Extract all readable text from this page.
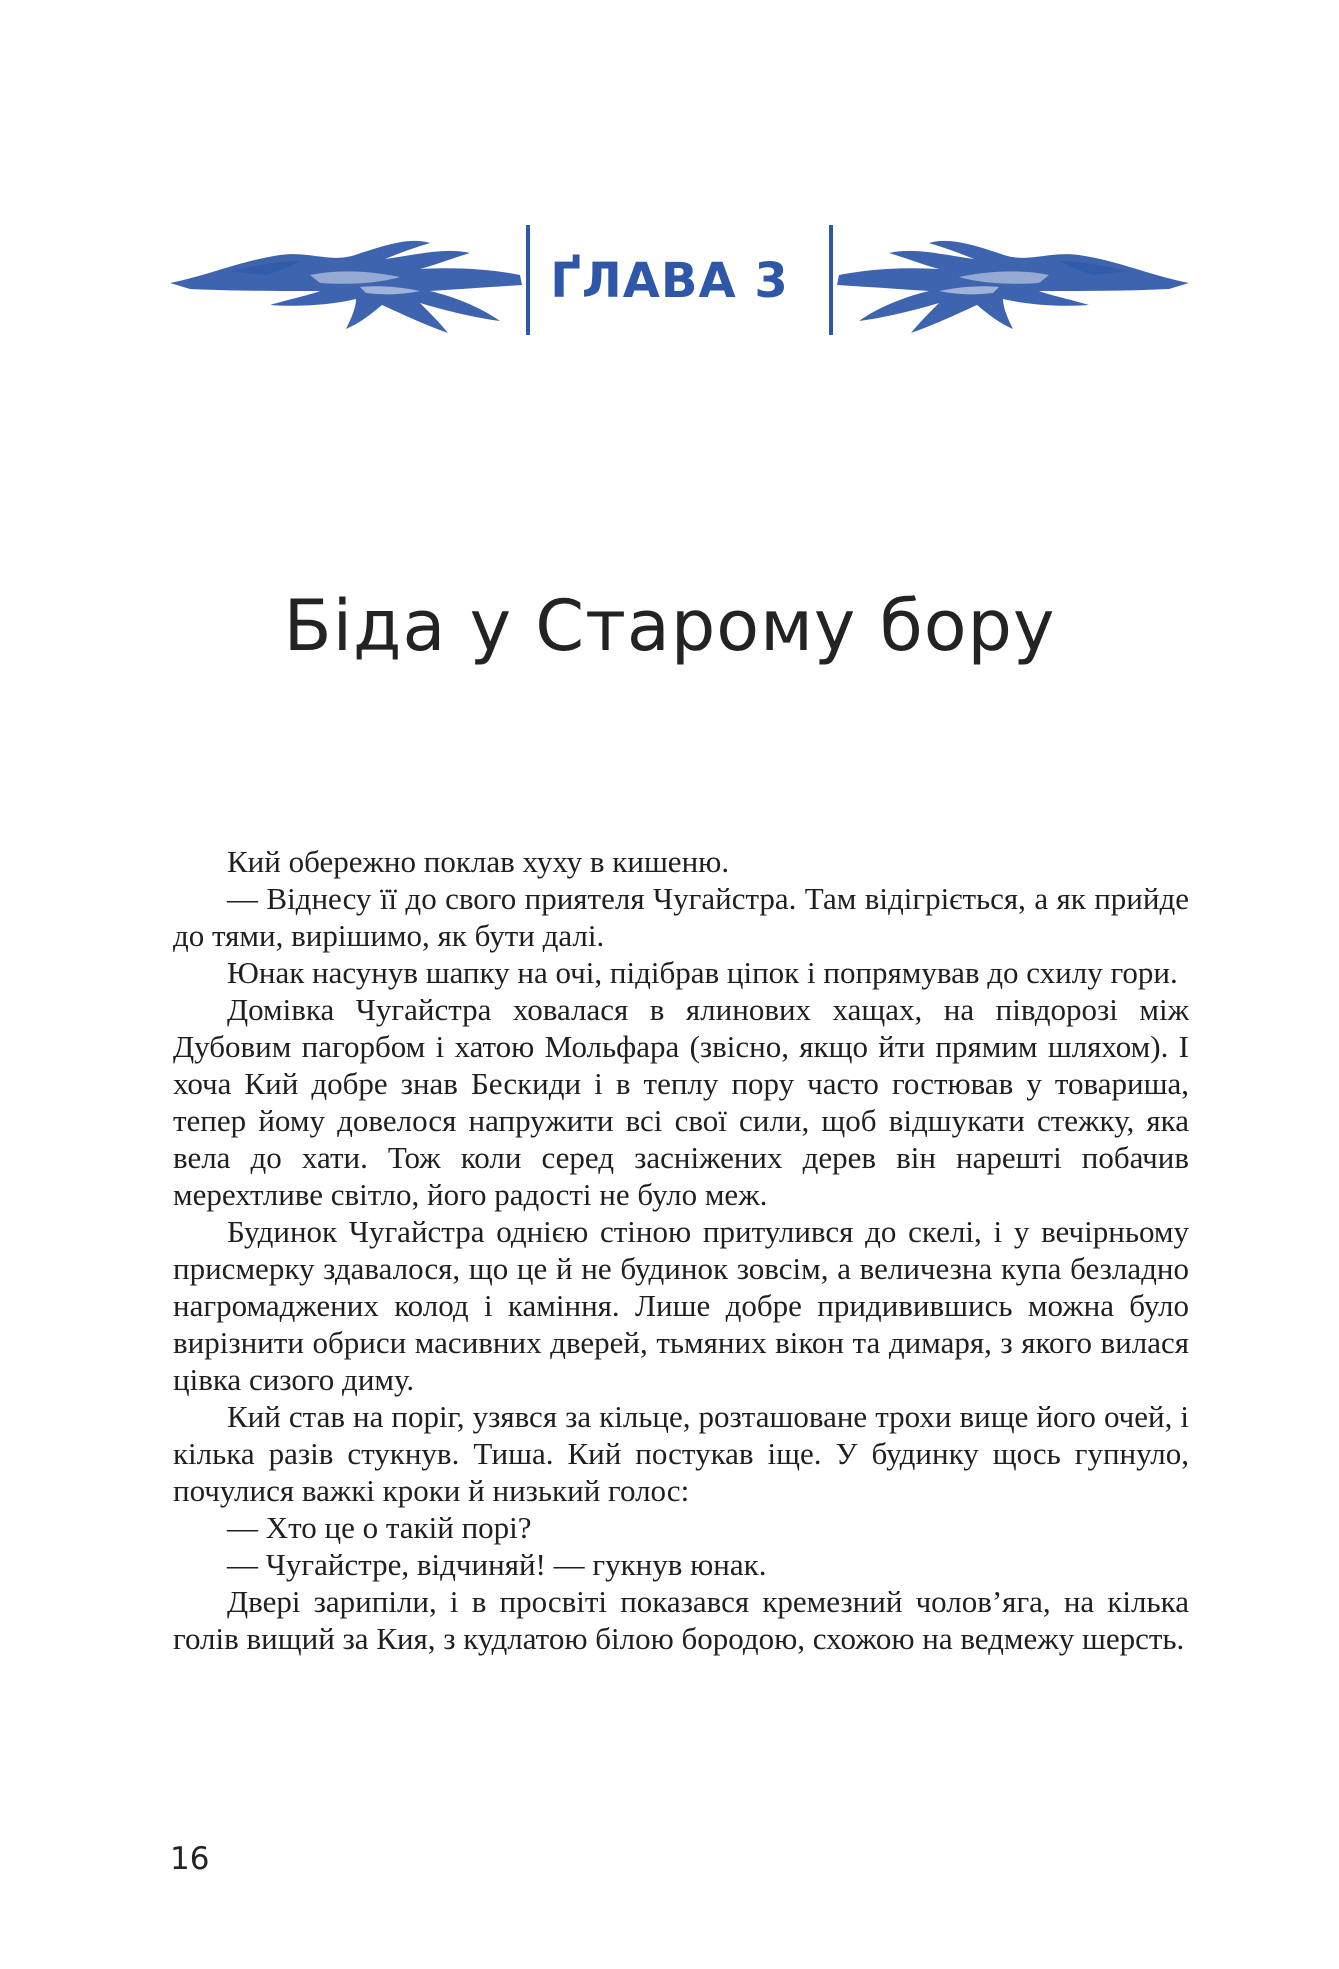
ҐЛАВА 3
Біда у Старому бору

Кий обережно поклав хуху в кишеню.

— Віднесу її до свого приятеля Чугайстра. Там відігріється, а як прийде до тями, вирішимо, як бути далі.

Юнак насунув шапку на очі, підібрав ціпок і попрямував до схилу гори.

Домівка Чугайстра ховалася в ялинових хащах, на півдорозі між Дубовим пагорбом і хатою Мольфара (звісно, якщо йти прямим шляхом). І хоча Кий добре знав Бескиди і в теплу пору часто гостював у товариша, тепер йому довелося напружити всі свої сили, щоб відшукати стежку, яка вела до хати. Тож коли серед засніжених дерев він нарешті побачив мерехтливе світло, його радості не було меж.

Будинок Чугайстра однією стіною притулився до скелі, і у вечірньому присмерку здавалося, що це й не будинок зовсім, а величезна купа безладно нагромаджених колод і каміння. Лише добре придивившись можна було вирізнити обриси масивних дверей, тьмяних вікон та димаря, з якого вилася цівка сизого диму.

Кий став на поріг, узявся за кільце, розташоване трохи вище його очей, і кілька разів стукнув. Тиша. Кий постукав іще. У будинку щось гупнуло, почулися важкі кроки й низький голос:

— Хто це о такій порі?

— Чугайстре, відчиняй! — гукнув юнак.

Двері зарипіли, і в просвіті показався кремезний чолов’яга, на кілька голів вищий за Кия, з кудлатою білою бородою, схожою на ведмежу шерсть.

16
